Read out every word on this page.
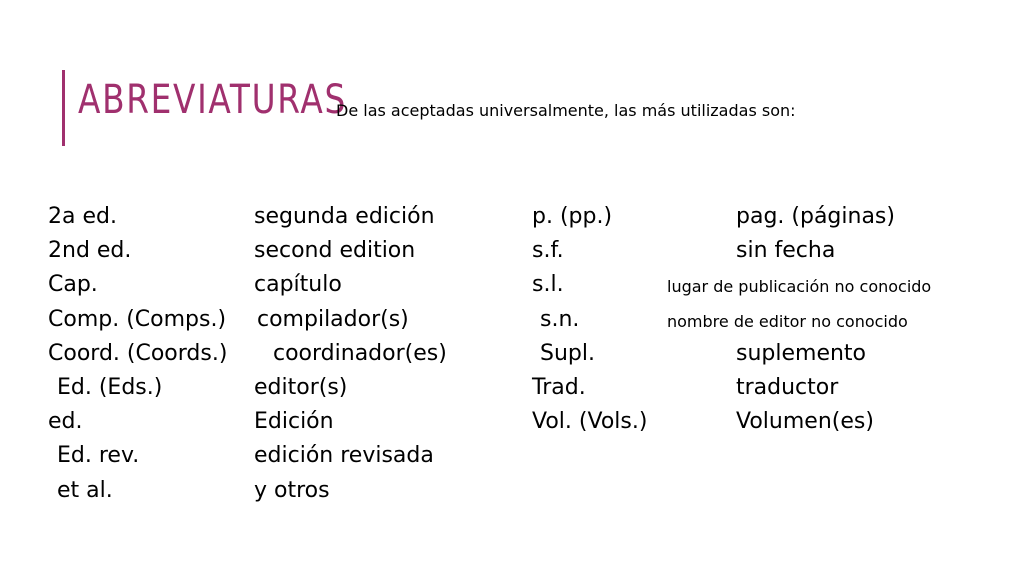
ABREVIATURAS
De las aceptadas universalmente, las más utilizadas son:
2a ed.	segunda edición
2nd ed.	second edition
Cap.	capítulo
Comp. (Comps.) compilador(s)
Coord. (Coords.) coordinador(es)
Ed. (Eds.)	editor(s)
ed.	Edición
Ed. rev.	edición revisada
et al.	y otros
p. (pp.)	pag. (páginas)
s.f.	sin fecha
s.l.	lugar de publicación no conocido
s.n.	nombre de editor no conocido
Supl.	suplemento
Trad.	traductor
Vol. (Vols.)	Volumen(es)
